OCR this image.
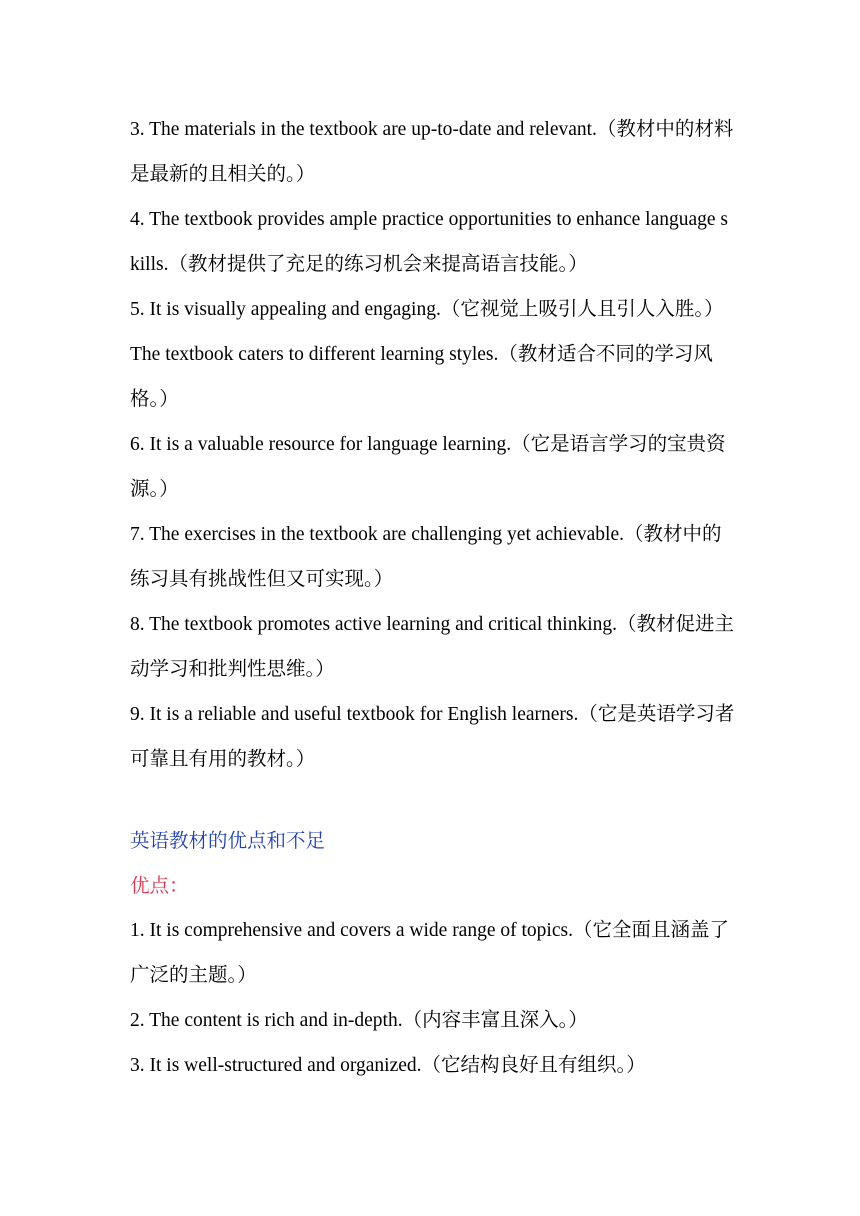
3. The materials in the textbook are up-to-date and relevant.（教材中的材料是最新的且相关的。）

4. The textbook provides ample practice opportunities to enhance language skills.（教材提供了充足的练习机会来提高语言技能。）

5. It is visually appealing and engaging.（它视觉上吸引人且引人入胜。）

The textbook caters to different learning styles.（教材适合不同的学习风格。）

6. It is a valuable resource for language learning.（它是语言学习的宝贵资源。）

7. The exercises in the textbook are challenging yet achievable.（教材中的练习具有挑战性但又可实现。）

8. The textbook promotes active learning and critical thinking.（教材促进主动学习和批判性思维。）

9. It is a reliable and useful textbook for English learners.（它是英语学习者可靠且有用的教材。）

英语教材的优点和不足

优点：

1. It is comprehensive and covers a wide range of topics.（它全面且涵盖了广泛的主题。）

2. The content is rich and in-depth.（内容丰富且深入。）

3. It is well-structured and organized.（它结构良好且有组织。）
